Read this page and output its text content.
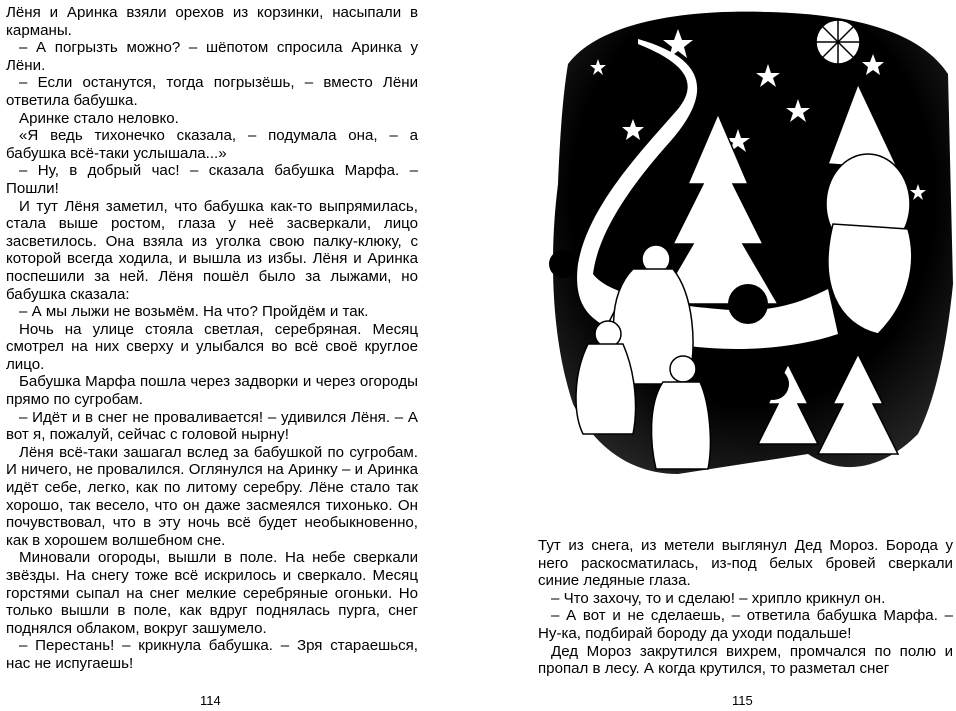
Лёня и Аринка взяли орехов из корзинки, насыпали в карманы.

– А погрызть можно? – шёпотом спросила Аринка у Лёни.

– Если останутся, тогда погрызёшь, – вместо Лёни ответила бабушка.

Аринке стало неловко.

«Я ведь тихонечко сказала, – подумала она, – а бабушка всё-таки услышала...»

– Ну, в добрый час! – сказала бабушка Марфа. – Пошли!

И тут Лёня заметил, что бабушка как-то выпрямилась, стала выше ростом, глаза у неё засверкали, лицо засветилось. Она взяла из уголка свою палку-клюку, с которой всегда ходила, и вышла из избы. Лёня и Аринка поспешили за ней. Лёня пошёл было за лыжами, но бабушка сказала:

– А мы лыжи не возьмём. На что? Пройдём и так.

Ночь на улице стояла светлая, серебряная. Месяц смотрел на них сверху и улыбался во всё своё круглое лицо.

Бабушка Марфа пошла через задворки и через огороды прямо по сугробам.

– Идёт и в снег не проваливается! – удивился Лёня. – А вот я, пожалуй, сейчас с головой нырну!

Лёня всё-таки зашагал вслед за бабушкой по сугробам. И ничего, не провалился. Оглянулся на Аринку – и Аринка идёт себе, легко, как по литому серебру. Лёне стало так хорошо, так весело, что он даже засмеялся тихонько. Он почувствовал, что в эту ночь всё будет необыкновенно, как в хорошем волшебном сне.

Миновали огороды, вышли в поле. На небе сверкали звёзды. На снегу тоже всё искрилось и сверкало. Месяц горстями сыпал на снег мелкие серебряные огоньки. Но только вышли в поле, как вдруг поднялась пурга, снег поднялся облаком, вокруг зашумело.

– Перестань! – крикнула бабушка. – Зря стараешься, нас не испугаешь!

114

Тут из снега, из метели выглянул Дед Мороз. Борода у него раскосматилась, из-под белых бровей сверкали синие ледяные глаза.

– Что захочу, то и сделаю! – хрипло крикнул он.

– А вот и не сделаешь, – ответила бабушка Марфа. – Ну-ка, подбирай бороду да уходи подальше!

Дед Мороз закрутился вихрем, промчался по полю и пропал в лесу. А когда крутился, то разметал снег

115
